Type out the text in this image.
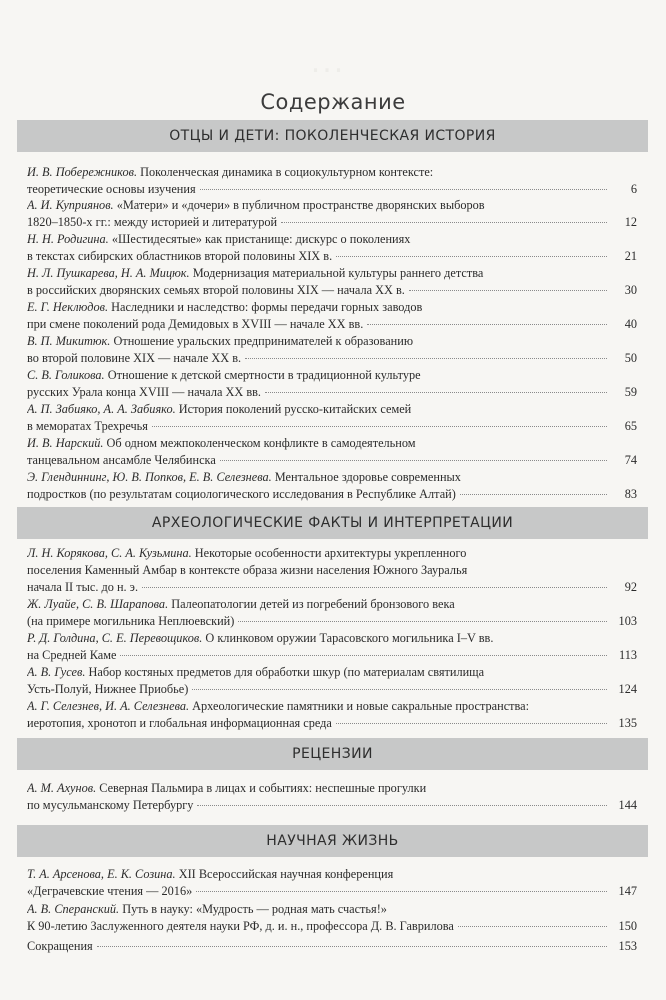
...
Содержание
ОТЦЫ И ДЕТИ: ПОКОЛЕНЧЕСКАЯ ИСТОРИЯ
И. В. Побережников. Поколенческая динамика в социокультурном контексте:
теоретические основы изучения	6
А. И. Куприянов. «Матери» и «дочери» в публичном пространстве дворянских выборов
1820–1850-х гг.: между историей и литературой	12
Н. Н. Родигина. «Шестидесятые» как пристанище: дискурс о поколениях
в текстах сибирских областников второй половины XIX в.	21
Н. Л. Пушкарева, Н. А. Мицюк. Модернизация материальной культуры раннего детства
в российских дворянских семьях второй половины XIX — начала XX в.	30
Е. Г. Неклюдов. Наследники и наследство: формы передачи горных заводов
при смене поколений рода Демидовых в XVIII — начале XX вв.	40
В. П. Микитюк. Отношение уральских предпринимателей к образованию
во второй половине XIX — начале XX в.	50
С. В. Голикова. Отношение к детской смертности в традиционной культуре
русских Урала конца XVIII — начала XX вв.	59
А. П. Забияко, А. А. Забияко. История поколений русско-китайских семей
в меморатах Трехречья	65
И. В. Нарский. Об одном межпоколенческом конфликте в самодеятельном
танцевальном ансамбле Челябинска	74
Э. Глендиннинг, Ю. В. Попков, Е. В. Селезнева. Ментальное здоровье современных
подростков (по результатам социологического исследования в Республике Алтай)	83
АРХЕОЛОГИЧЕСКИЕ ФАКТЫ И ИНТЕРПРЕТАЦИИ
Л. Н. Корякова, С. А. Кузьмина. Некоторые особенности архитектуры укрепленного
поселения Каменный Амбар в контексте образа жизни населения Южного Зауралья
начала II тыс. до н. э.	92
Ж. Луайе, С. В. Шарапова. Палеопатологии детей из погребений бронзового века
(на примере могильника Неплюевский)	103
Р. Д. Голдина, С. Е. Перевощиков. О клинковом оружии Тарасовского могильника I–V вв.
на Средней Каме	113
А. В. Гусев. Набор костяных предметов для обработки шкур (по материалам святилища
Усть-Полуй, Нижнее Приобье)	124
А. Г. Селезнев, И. А. Селезнева. Археологические памятники и новые сакральные пространства:
иеротопия, хронотоп и глобальная информационная среда	135
РЕЦЕНЗИИ
А. М. Ахунов. Северная Пальмира в лицах и событиях: неспешные прогулки
по мусульманскому Петербургу	144
НАУЧНАЯ ЖИЗНЬ
Т. А. Арсенова, Е. К. Созина. XII Всероссийская научная конференция
«Деграчевские чтения — 2016»	147
А. В. Сперанский. Путь в науку: «Мудрость — родная мать счастья!»
К 90-летию Заслуженного деятеля науки РФ, д. и. н., профессора Д. В. Гаврилова	150
Сокращения	153
